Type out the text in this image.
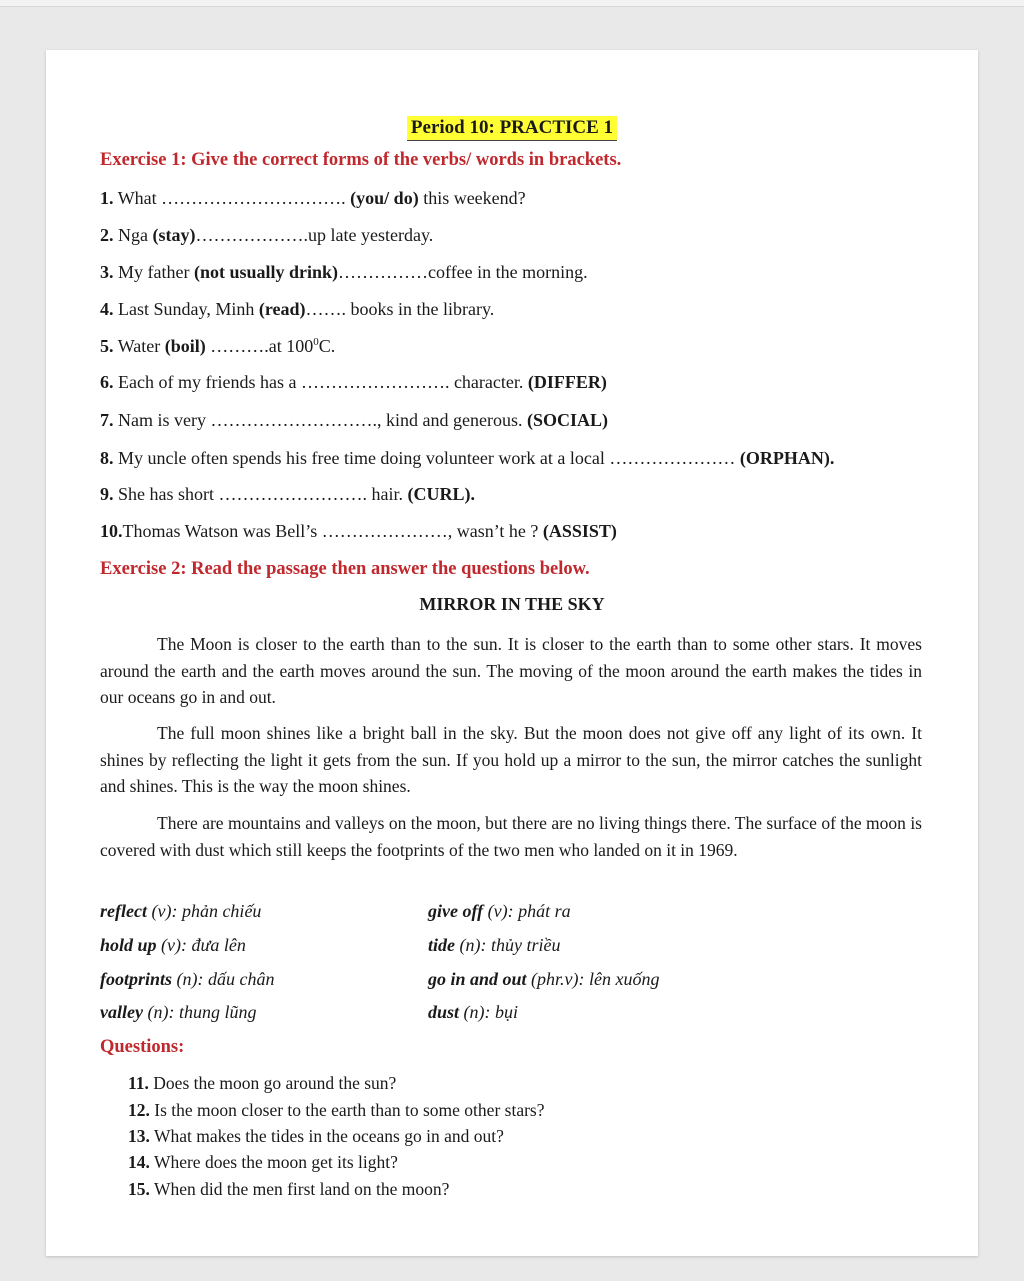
Period 10: PRACTICE 1
Exercise 1: Give the correct forms of the verbs/ words in brackets.
1. What …………………………. (you/ do) this weekend?
2. Nga (stay)……………….up late yesterday.
3. My father (not usually drink)……………coffee in the morning.
4. Last Sunday, Minh (read)……. books in the library.
5. Water (boil) ……….at $100^0C$.
6. Each of my friends has a ……………………. character. (DIFFER)
7. Nam is very ………………………., kind and generous. (SOCIAL)
8. My uncle often spends his free time doing volunteer work at a local ………………… (ORPHAN).
9. She has short ……………………. hair. (CURL).
10.Thomas Watson was Bell’s …………………, wasn’t he ? (ASSIST)
Exercise 2: Read the passage then answer the questions below.
MIRROR IN THE SKY
The Moon is closer to the earth than to the sun. It is closer to the earth than to some other stars. It moves around the earth and the earth moves around the sun. The moving of the moon around the earth makes the tides in our oceans go in and out.
The full moon shines like a bright ball in the sky. But the moon does not give off any light of its own. It shines by reflecting the light it gets from the sun. If you hold up a mirror to the sun, the mirror catches the sunlight and shines. This is the way the moon shines.
There are mountains and valleys on the moon, but there are no living things there. The surface of the moon is covered with dust which still keeps the footprints of the two men who landed on it in 1969.
reflect (v): phản chiếu	give off (v): phát ra
hold up (v): đưa lên	tide (n): thủy triều
footprints (n): dấu chân	go in and out (phr.v): lên xuống
valley (n): thung lũng	dust (n): bụi
Questions:
11. Does the moon go around the sun?
12. Is the moon closer to the earth than to some other stars?
13. What makes the tides in the oceans go in and out?
14. Where does the moon get its light?
15. When did the men first land on the moon?
